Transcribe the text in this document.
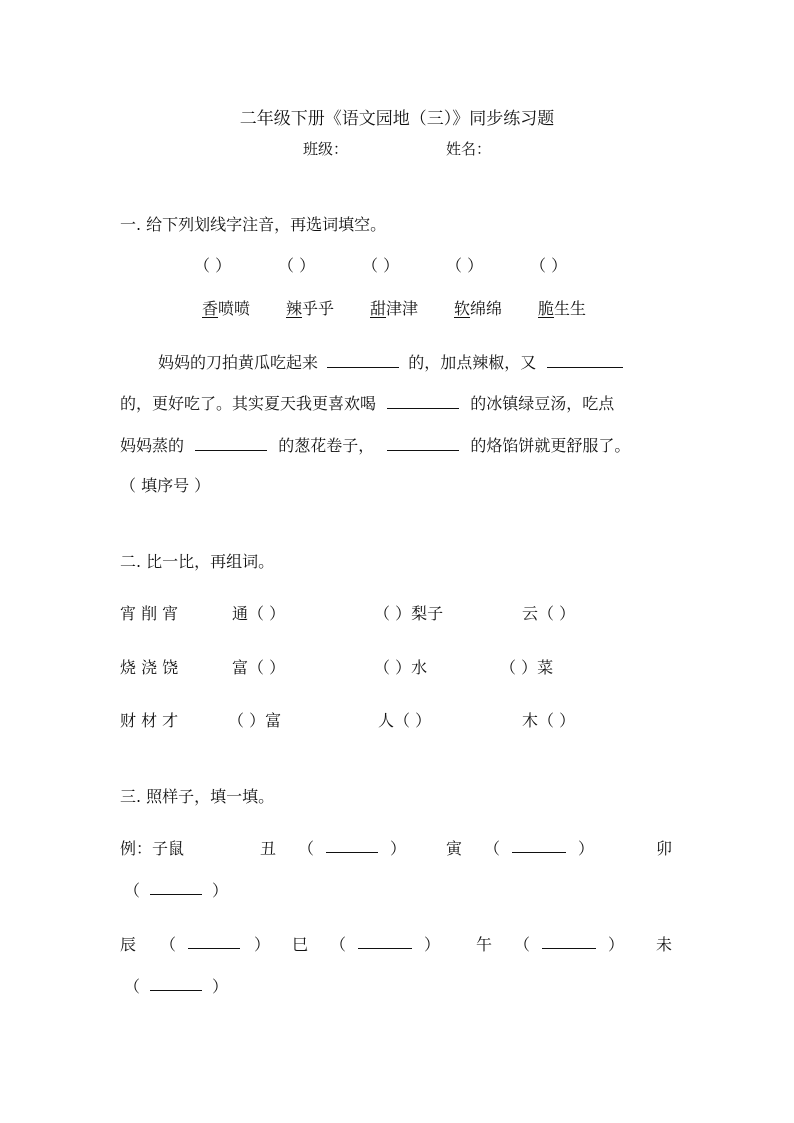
二年级下册《语文园地（三）》同步练习题
班级：	姓名：
一. 给下列划线字注音，再选词填空。
（ ）	（ ）	（ ）	（ ）	（ ）
香喷喷 辣乎乎 甜津津 软绵绵	脆生生
妈妈的刀拍黄瓜吃起来	的，加点辣椒，又
的，更好吃了。其实夏天我更喜欢喝	的冰镇绿豆汤，吃点
妈妈蒸的	的葱花卷子，	的烙馅饼就更舒服了。
（ 填序号 ）
二. 比一比，再组词。
宵 削 宵	通（ ）	（ ）梨子	云（ ）
烧 浇 饶	富（ ）	（ ）水	（ ）菜
财 材 才	（ ）富	人（ ）	木（ ）
三. 照样子，填一填。
例：子鼠	丑 （	） 寅 （	）	卯
（	）
辰 （	） 巳 （	） 午 （	） 未
（	）
